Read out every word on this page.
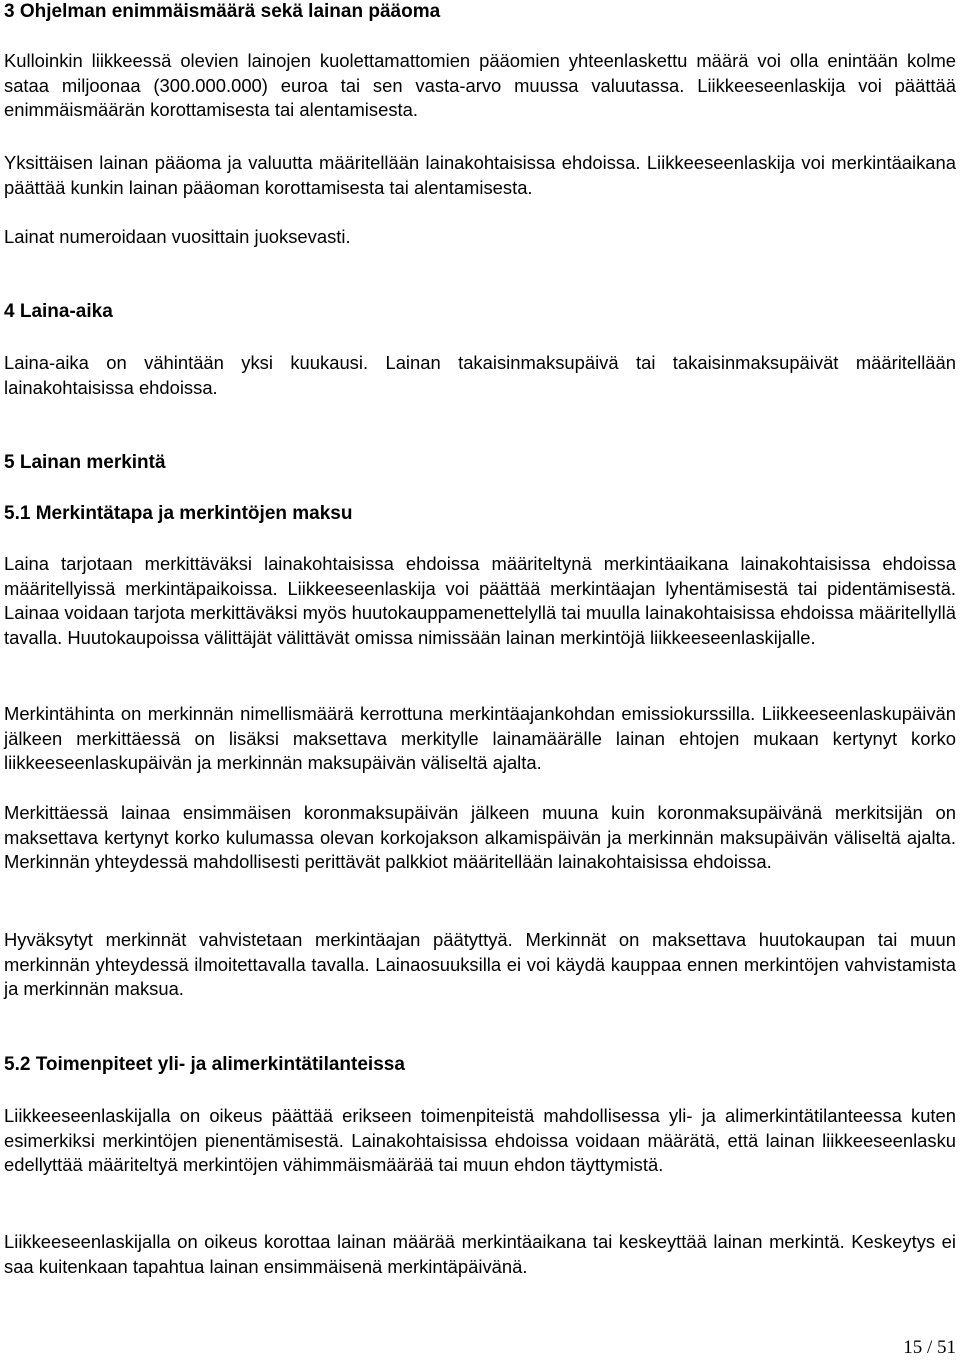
3 Ohjelman enimmäismäärä sekä lainan pääoma

Kulloinkin liikkeessä olevien lainojen kuolettamattomien pääomien yhteenlaskettu määrä voi olla enintään kolme sataa miljoonaa (300.000.000) euroa tai sen vasta-arvo muussa valuutassa. Liikkeeseenlaskija voi päättää enimmäismäärän korottamisesta tai alentamisesta.

Yksittäisen lainan pääoma ja valuutta määritellään lainakohtaisissa ehdoissa. Liikkeeseenlaskija voi merkintäaikana päättää kunkin lainan pääoman korottamisesta tai alentamisesta.

Lainat numeroidaan vuosittain juoksevasti.

4 Laina-aika

Laina-aika on vähintään yksi kuukausi. Lainan takaisinmaksupäivä tai takaisinmaksupäivät määritellään lainakohtaisissa ehdoissa.

5 Lainan merkintä
5.1 Merkintätapa ja merkintöjen maksu

Laina tarjotaan merkittäväksi lainakohtaisissa ehdoissa määriteltynä merkintäaikana lainakohtaisissa ehdoissa määritellyissä merkintäpaikoissa. Liikkeeseenlaskija voi päättää merkintäajan lyhentämisestä tai pidentämisestä. Lainaa voidaan tarjota merkittäväksi myös huutokauppamenettelyllä tai muulla lainakohtaisissa ehdoissa määritellyllä tavalla. Huutokaupoissa välittäjät välittävät omissa nimissään lainan merkintöjä liikkeeseenlaskijalle.

Merkintähinta on merkinnän nimellismäärä kerrottuna merkintäajankohdan emissiokurssilla. Liikkeeseenlaskupäivän jälkeen merkittäessä on lisäksi maksettava merkitylle lainamäärälle lainan ehtojen mukaan kertynyt korko liikkeeseenlaskupäivän ja merkinnän maksupäivän väliseltä ajalta.

Merkittäessä lainaa ensimmäisen koronmaksupäivän jälkeen muuna kuin koronmaksupäivänä merkitsijän on maksettava kertynyt korko kulumassa olevan korkojakson alkamispäivän ja merkinnän maksupäivän väliseltä ajalta. Merkinnän yhteydessä mahdollisesti perittävät palkkiot määritellään lainakohtaisissa ehdoissa.

Hyväksytyt merkinnät vahvistetaan merkintäajan päätyttyä. Merkinnät on maksettava huutokaupan tai muun merkinnän yhteydessä ilmoitettavalla tavalla. Lainaosuuksilla ei voi käydä kauppaa ennen merkintöjen vahvistamista ja merkinnän maksua.

5.2 Toimenpiteet yli- ja alimerkintätilanteissa

Liikkeeseenlaskijalla on oikeus päättää erikseen toimenpiteistä mahdollisessa yli- ja alimerkintätilanteessa kuten esimerkiksi merkintöjen pienentämisestä. Lainakohtaisissa ehdoissa voidaan määrätä, että lainan liikkeeseenlasku edellyttää määriteltyä merkintöjen vähimmäismäärää tai muun ehdon täyttymistä.

Liikkeeseenlaskijalla on oikeus korottaa lainan määrää merkintäaikana tai keskeyttää lainan merkintä. Keskeytys ei saa kuitenkaan tapahtua lainan ensimmäisenä merkintäpäivänä.

15 / 51
